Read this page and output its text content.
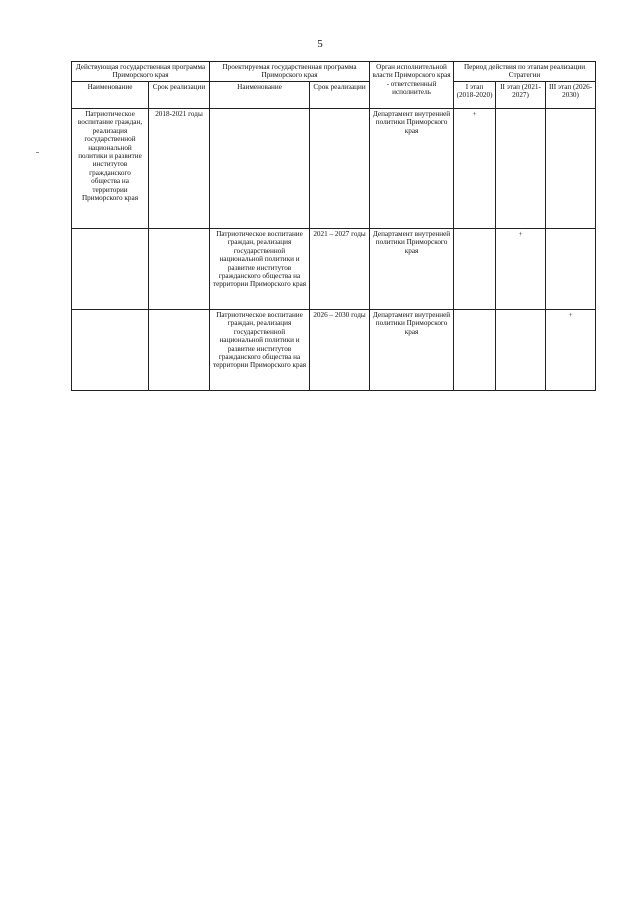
5
Действующая государственная программа Приморского края		Проектируемая государственная программа Приморского края		Орган исполнительной власти Приморского края - ответственный исполнитель	Период действия по этапам реализации Стратегии		
Наименование	Срок реализации	Наименование	Срок реализации		I этап (2018-2020)	II этап (2021-2027)	III этап (2026-2030)
Патриотическое воспитание граждан, реализация государственной национальной политики и развитие институтов гражданского общества на территории Приморского края	2018-2021 годы			Департамент внутренней политики Приморского края	+		
		Патриотическое воспитание граждан, реализация государственной национальной политики и развитие институтов гражданского общества на территории Приморского края	2021 – 2027 годы	Департамент внутренней политики Приморского края		+	
		Патриотическое воспитание граждан, реализация государственной национальной политики и развитие институтов гражданского общества на территории Приморского края	2026 – 2030 годы	Департамент внутренней политики Приморского края			+
